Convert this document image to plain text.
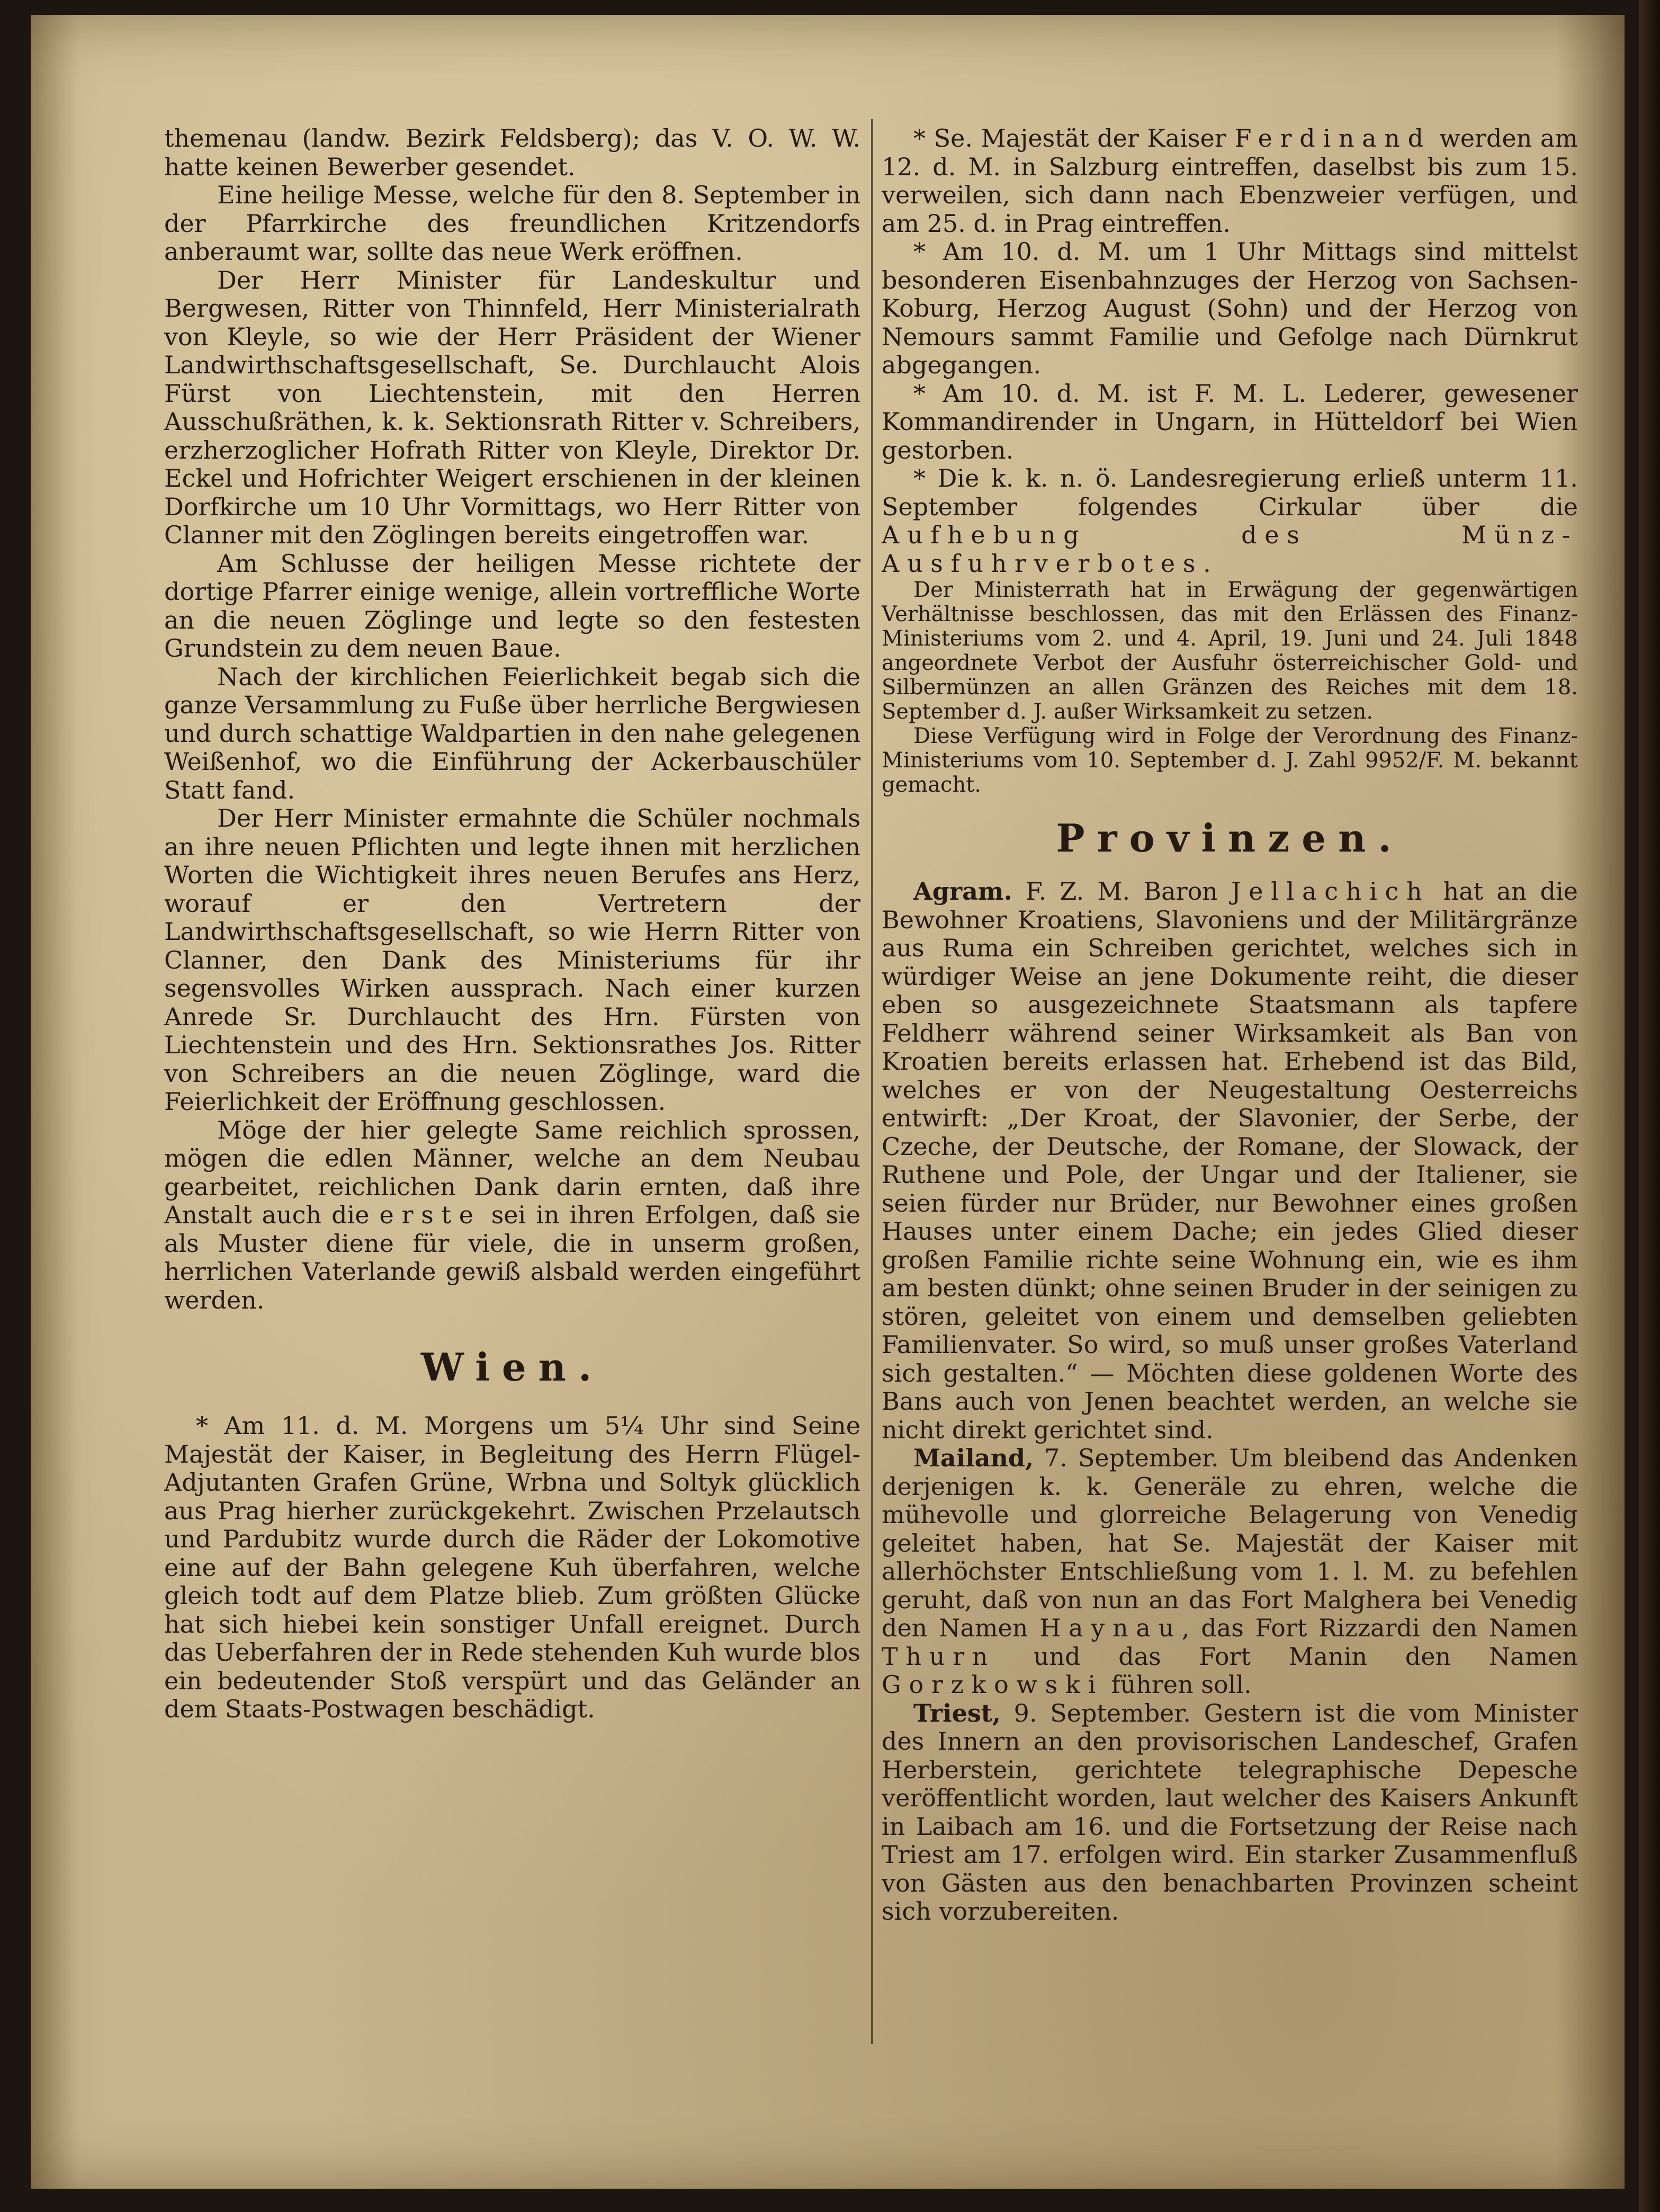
themenau (landw. Bezirk Feldsberg); das V. O. W. W. hatte keinen Bewerber gesendet.

Eine heilige Messe, welche für den 8. September in der Pfarrkirche des freundlichen Kritzendorfs anberaumt war, sollte das neue Werk eröffnen.

Der Herr Minister für Landeskultur und Bergwesen, Ritter von Thinnfeld, Herr Ministerialrath von Kleyle, so wie der Herr Präsident der Wiener Landwirthschaftsgesellschaft, Se. Durchlaucht Alois Fürst von Liechtenstein, mit den Herren Ausschußräthen, k. k. Sektionsrath Ritter v. Schreibers, erzherzoglicher Hofrath Ritter von Kleyle, Direktor Dr. Eckel und Hofrichter Weigert erschienen in der kleinen Dorfkirche um 10 Uhr Vormittags, wo Herr Ritter von Clanner mit den Zöglingen bereits eingetroffen war.

Am Schlusse der heiligen Messe richtete der dortige Pfarrer einige wenige, allein vortreffliche Worte an die neuen Zöglinge und legte so den festesten Grundstein zu dem neuen Baue.

Nach der kirchlichen Feierlichkeit begab sich die ganze Versammlung zu Fuße über herrliche Bergwiesen und durch schattige Waldpartien in den nahe gelegenen Weißenhof, wo die Einführung der Ackerbauschüler Statt fand.

Der Herr Minister ermahnte die Schüler nochmals an ihre neuen Pflichten und legte ihnen mit herzlichen Worten die Wichtigkeit ihres neuen Berufes ans Herz, worauf er den Vertretern der Landwirthschaftsgesellschaft, so wie Herrn Ritter von Clanner, den Dank des Ministeriums für ihr segensvolles Wirken aussprach. Nach einer kurzen Anrede Sr. Durchlaucht des Hrn. Fürsten von Liechtenstein und des Hrn. Sektionsrathes Jos. Ritter von Schreibers an die neuen Zöglinge, ward die Feierlichkeit der Eröffnung geschlossen.

Möge der hier gelegte Same reichlich sprossen, mögen die edlen Männer, welche an dem Neubau gearbeitet, reichlichen Dank darin ernten, daß ihre Anstalt auch die erste sei in ihren Erfolgen, daß sie als Muster diene für viele, die in unserm großen, herrlichen Vaterlande gewiß alsbald werden eingeführt werden.

Wien.

* Am 11. d. M. Morgens um 5¼ Uhr sind Seine Majestät der Kaiser, in Begleitung des Herrn Flügel-Adjutanten Grafen Grüne, Wrbna und Soltyk glücklich aus Prag hierher zurückgekehrt. Zwischen Przelautsch und Pardubitz wurde durch die Räder der Lokomotive eine auf der Bahn gelegene Kuh überfahren, welche gleich todt auf dem Platze blieb. Zum größten Glücke hat sich hiebei kein sonstiger Unfall ereignet. Durch das Ueberfahren der in Rede stehenden Kuh wurde blos ein bedeutender Stoß verspürt und das Geländer an dem Staats-Postwagen beschädigt.

* Se. Majestät der Kaiser Ferdinand werden am 12. d. M. in Salzburg eintreffen, daselbst bis zum 15. verweilen, sich dann nach Ebenzweier verfügen, und am 25. d. in Prag eintreffen.

* Am 10. d. M. um 1 Uhr Mittags sind mittelst besonderen Eisenbahnzuges der Herzog von Sachsen-Koburg, Herzog August (Sohn) und der Herzog von Nemours sammt Familie und Gefolge nach Dürnkrut abgegangen.

* Am 10. d. M. ist F. M. L. Lederer, gewesener Kommandirender in Ungarn, in Hütteldorf bei Wien gestorben.

* Die k. k. n. ö. Landesregierung erließ unterm 11. September folgendes Cirkular über die Aufhebung des Münz-Ausfuhrverbotes.

Der Ministerrath hat in Erwägung der gegenwärtigen Verhältnisse beschlossen, das mit den Erlässen des Finanz-Ministeriums vom 2. und 4. April, 19. Juni und 24. Juli 1848 angeordnete Verbot der Ausfuhr österreichischer Gold- und Silbermünzen an allen Gränzen des Reiches mit dem 18. September d. J. außer Wirksamkeit zu setzen.

Diese Verfügung wird in Folge der Verordnung des Finanz-Ministeriums vom 10. September d. J. Zahl 9952/F. M. bekannt gemacht.

Provinzen.

Agram. F. Z. M. Baron Jellachich hat an die Bewohner Kroatiens, Slavoniens und der Militärgränze aus Ruma ein Schreiben gerichtet, welches sich in würdiger Weise an jene Dokumente reiht, die dieser eben so ausgezeichnete Staatsmann als tapfere Feldherr während seiner Wirksamkeit als Ban von Kroatien bereits erlassen hat. Erhebend ist das Bild, welches er von der Neugestaltung Oesterreichs entwirft: „Der Kroat, der Slavonier, der Serbe, der Czeche, der Deutsche, der Romane, der Slowack, der Ruthene und Pole, der Ungar und der Italiener, sie seien fürder nur Brüder, nur Bewohner eines großen Hauses unter einem Dache; ein jedes Glied dieser großen Familie richte seine Wohnung ein, wie es ihm am besten dünkt; ohne seinen Bruder in der seinigen zu stören, geleitet von einem und demselben geliebten Familienvater. So wird, so muß unser großes Vaterland sich gestalten.“ — Möchten diese goldenen Worte des Bans auch von Jenen beachtet werden, an welche sie nicht direkt gerichtet sind.

Mailand, 7. September. Um bleibend das Andenken derjenigen k. k. Generäle zu ehren, welche die mühevolle und glorreiche Belagerung von Venedig geleitet haben, hat Se. Majestät der Kaiser mit allerhöchster Entschließung vom 1. l. M. zu befehlen geruht, daß von nun an das Fort Malghera bei Venedig den Namen Haynau, das Fort Rizzardi den Namen Thurn und das Fort Manin den Namen Gorzkowski führen soll.

Triest, 9. September. Gestern ist die vom Minister des Innern an den provisorischen Landeschef, Grafen Herberstein, gerichtete telegraphische Depesche veröffentlicht worden, laut welcher des Kaisers Ankunft in Laibach am 16. und die Fortsetzung der Reise nach Triest am 17. erfolgen wird. Ein starker Zusammenfluß von Gästen aus den benachbarten Provinzen scheint sich vorzubereiten.
